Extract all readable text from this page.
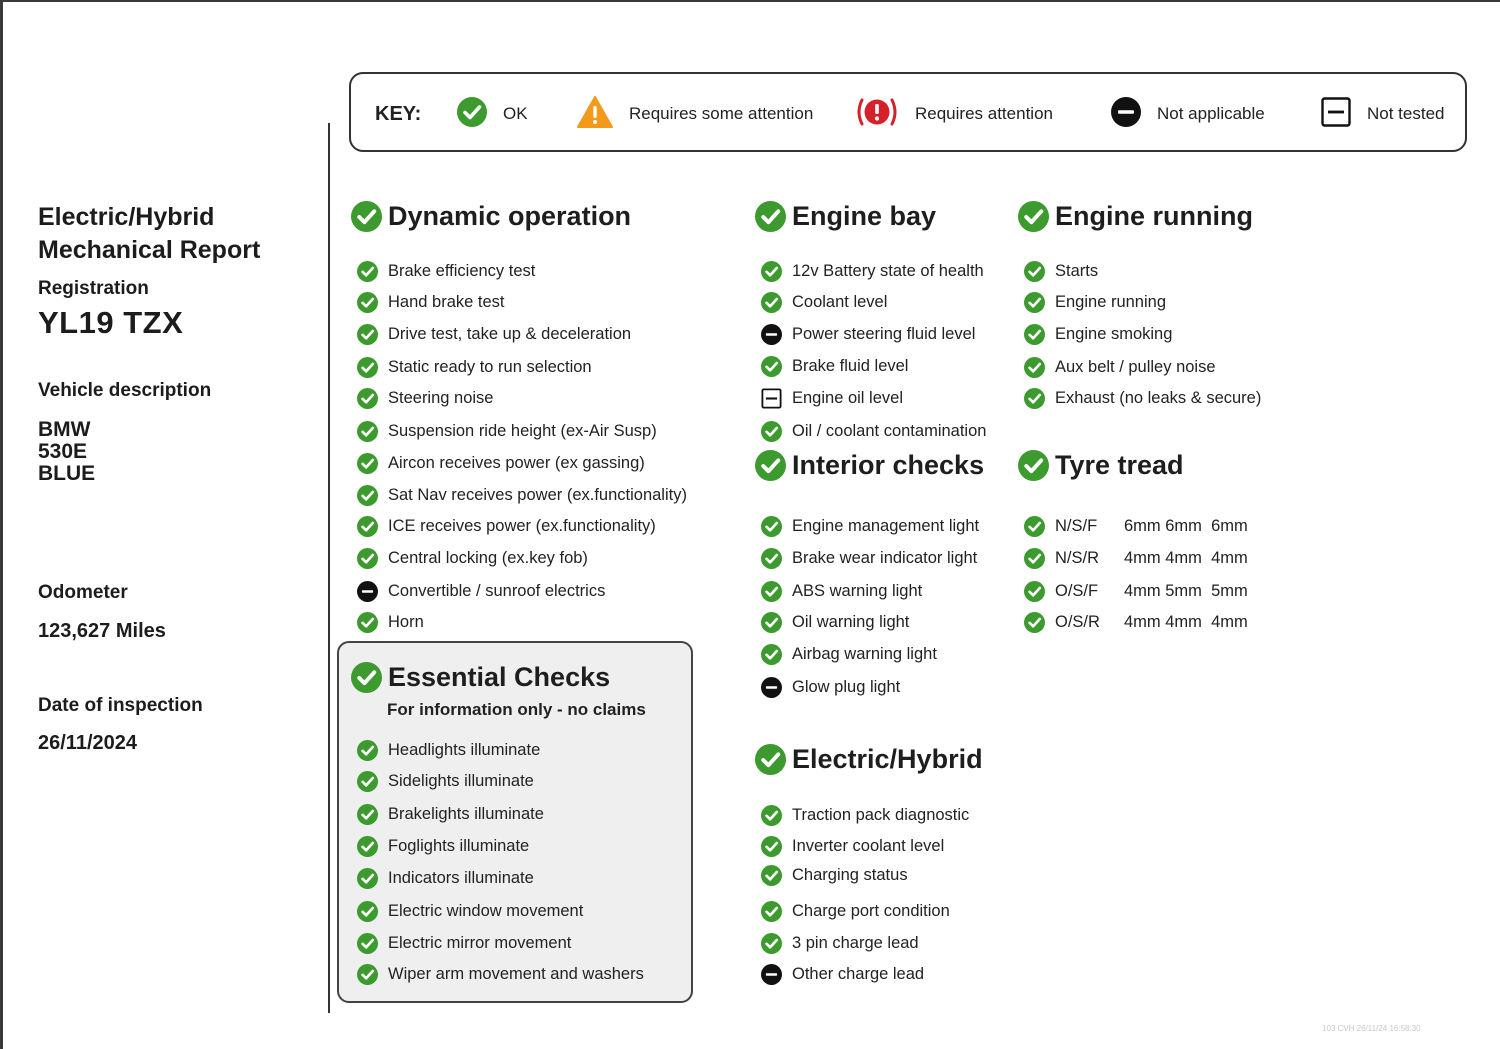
Electric/Hybrid
Mechanical Report
Registration
YL19 TZX
Vehicle description
BMW
530E
BLUE
Odometer
123,627 Miles
Date of inspection
26/11/2024
KEY:	OK	Requires some attention	Requires attention	Not applicable	Not tested
For information only - no claims
Dynamic operation
Brake efficiency test
Hand brake test
Drive test, take up & deceleration
Static ready to run selection
Steering noise
Suspension ride height (ex-Air Susp)
Aircon receives power (ex gassing)
Sat Nav receives power (ex.functionality)
ICE receives power (ex.functionality)
Central locking (ex.key fob)
Convertible / sunroof electrics
Horn
Essential Checks
Headlights illuminate
Sidelights illuminate
Brakelights illuminate
Foglights illuminate
Indicators illuminate
Electric window movement
Electric mirror movement
Wiper arm movement and washers
Engine bay
12v Battery state of health
Coolant level
Power steering fluid level
Brake fluid level
Engine oil level
Oil / coolant contamination
Interior checks
Engine management light
Brake wear indicator light
ABS warning light
Oil warning light
Airbag warning light
Glow plug light
Electric/Hybrid
Traction pack diagnostic
Inverter coolant level
Charging status
Charge port condition
3 pin charge lead
Other charge lead
Engine running
Starts
Engine running
Engine smoking
Aux belt / pulley noise
Exhaust (no leaks & secure)
Tyre tread
N/S/F 6mm 6mm  6mm
N/S/R 4mm 4mm  4mm
O/S/F 4mm 5mm  5mm
O/S/R 4mm 4mm  4mm
103 CVH 26/11/24 16:58:30
